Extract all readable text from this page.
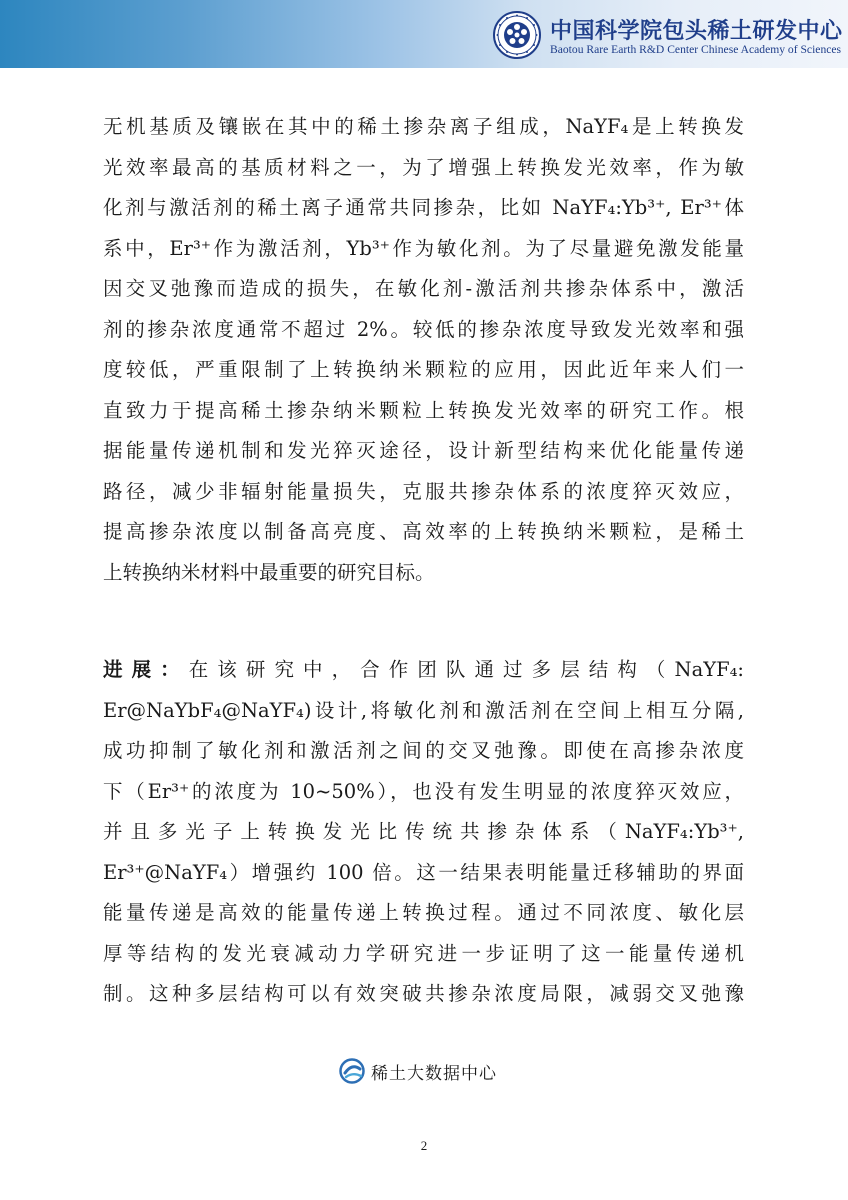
中国科学院包头稀土研发中心
Baotou Rare Earth R&D Center Chinese Academy of Sciences
无机基质及镶嵌在其中的稀土掺杂离子组成，NaYF₄是上转换发
光效率最高的基质材料之一，为了增强上转换发光效率，作为敏
化剂与激活剂的稀土离子通常共同掺杂，比如 NaYF₄:Yb³⁺, Er³⁺体
系中，Er³⁺作为激活剂，Yb³⁺作为敏化剂。为了尽量避免激发能量
因交叉弛豫而造成的损失，在敏化剂-激活剂共掺杂体系中，激活
剂的掺杂浓度通常不超过 2%。较低的掺杂浓度导致发光效率和强
度较低，严重限制了上转换纳米颗粒的应用，因此近年来人们一
直致力于提高稀土掺杂纳米颗粒上转换发光效率的研究工作。根
据能量传递机制和发光猝灭途径，设计新型结构来优化能量传递
路径，减少非辐射能量损失，克服共掺杂体系的浓度猝灭效应，
提高掺杂浓度以制备高亮度、高效率的上转换纳米颗粒，是稀土
上转换纳米材料中最重要的研究目标。
进展：在该研究中，合作团队通过多层结构（NaYF₄:
Er@NaYbF₄@NaYF₄)设计,将敏化剂和激活剂在空间上相互分隔,
成功抑制了敏化剂和激活剂之间的交叉弛豫。即使在高掺杂浓度
下（Er³⁺的浓度为 10~50%），也没有发生明显的浓度猝灭效应，
并且多光子上转换发光比传统共掺杂体系（NaYF₄:Yb³⁺,
Er³⁺@NaYF₄）增强约 100 倍。这一结果表明能量迁移辅助的界面
能量传递是高效的能量传递上转换过程。通过不同浓度、敏化层
厚等结构的发光衰减动力学研究进一步证明了这一能量传递机
制。这种多层结构可以有效突破共掺杂浓度局限，减弱交叉弛豫
稀土大数据中心
2
